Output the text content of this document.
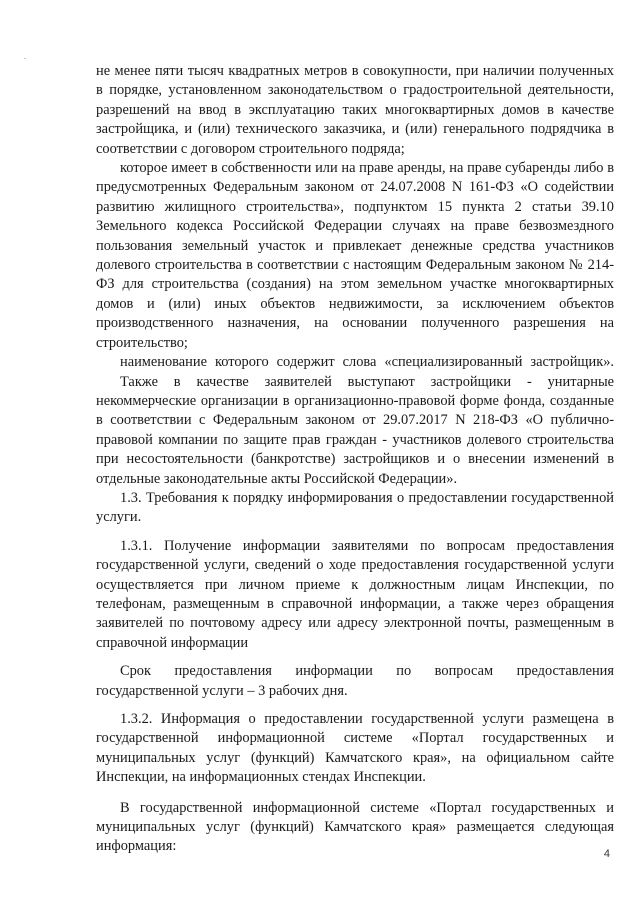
не менее пяти тысяч квадратных метров в совокупности, при наличии полученных в порядке, установленном законодательством о градостроительной деятельности, разрешений на ввод в эксплуатацию таких многоквартирных домов в качестве застройщика, и (или) технического заказчика, и (или) генерального подрядчика в соответствии с договором строительного подряда;

которое имеет в собственности или на праве аренды, на праве субаренды либо в предусмотренных Федеральным законом от 24.07.2008 N 161-ФЗ «О содействии развитию жилищного строительства», подпунктом 15 пункта 2 статьи 39.10 Земельного кодекса Российской Федерации случаях на праве безвозмездного пользования земельный участок и привлекает денежные средства участников долевого строительства в соответствии с настоящим Федеральным законом № 214-ФЗ для строительства (создания) на этом земельном участке многоквартирных домов и (или) иных объектов недвижимости, за исключением объектов производственного назначения, на основании полученного разрешения на строительство;

наименование которого содержит слова «специализированный застройщик».

Также в качестве заявителей выступают застройщики - унитарные некоммерческие организации в организационно-правовой форме фонда, созданные в соответствии с Федеральным законом от 29.07.2017 N 218-ФЗ «О публично-правовой компании по защите прав граждан - участников долевого строительства при несостоятельности (банкротстве) застройщиков и о внесении изменений в отдельные законодательные акты Российской Федерации».

1.3. Требования к порядку информирования о предоставлении государственной услуги.

1.3.1. Получение информации заявителями по вопросам предоставления государственной услуги, сведений о ходе предоставления государственной услуги осуществляется при личном приеме к должностным лицам Инспекции, по телефонам, размещенным в справочной информации, а также через обращения заявителей по почтовому адресу или адресу электронной почты, размещенным в справочной информации

Срок предоставления информации по вопросам предоставления государственной услуги – 3 рабочих дня.

1.3.2. Информация о предоставлении государственной услуги размещена в государственной информационной системе «Портал государственных и муниципальных услуг (функций) Камчатского края», на официальном сайте Инспекции, на информационных стендах Инспекции.

В государственной информационной системе «Портал государственных и муниципальных услуг (функций) Камчатского края» размещается следующая информация:	4
